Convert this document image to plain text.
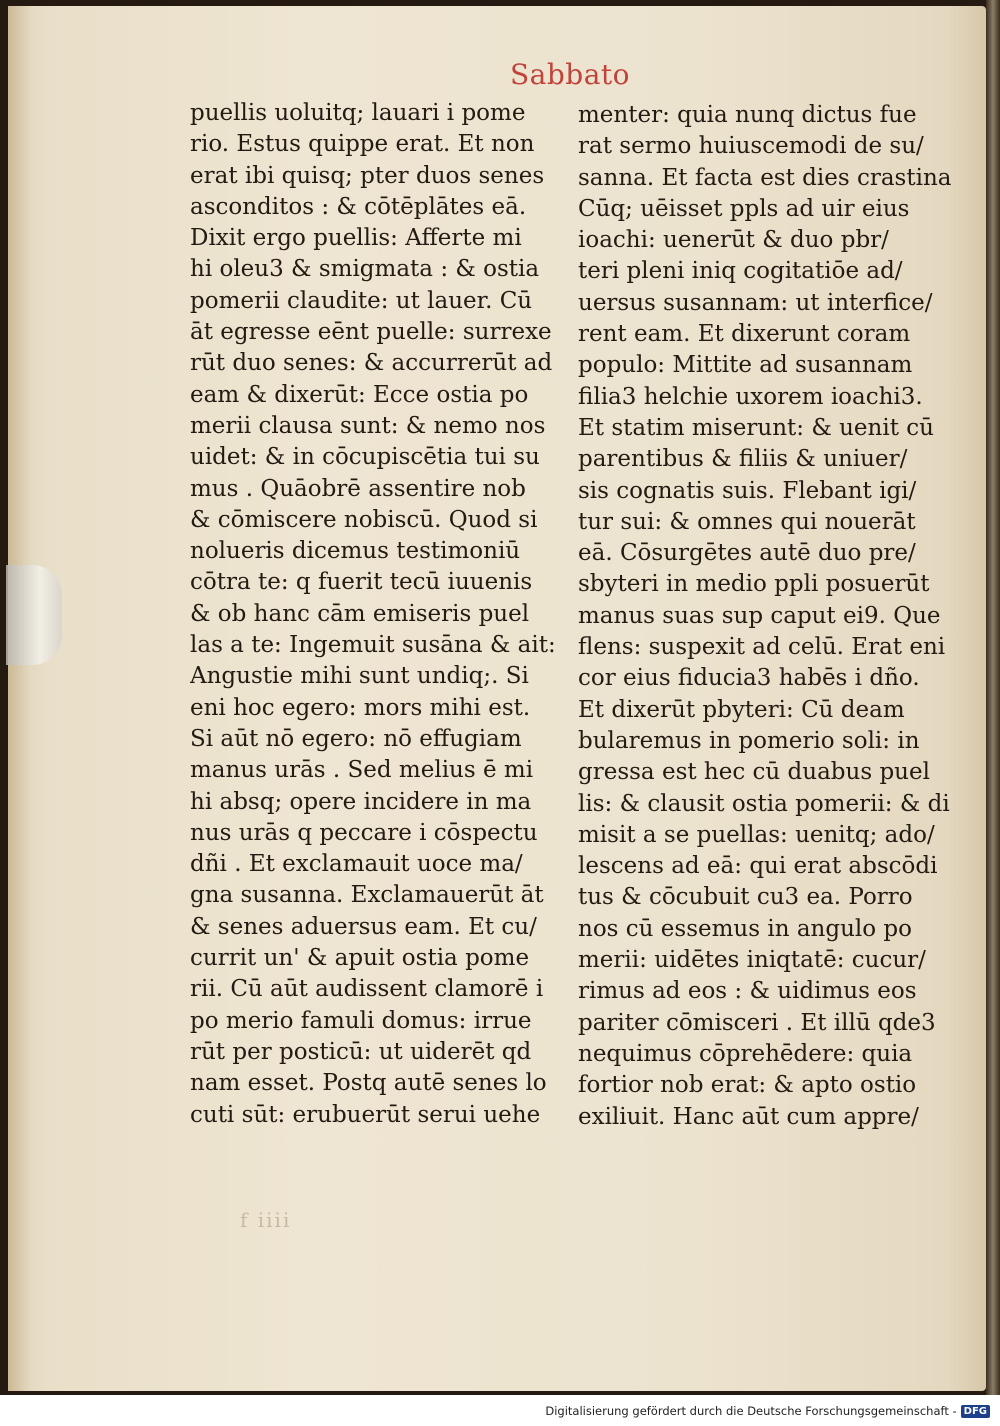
Sabbato
puellis uoluitq; lauari i pome
rio. Estus quippe erat. Et non
erat ibi quisq; pter duos senes
asconditos : & cōtēplātes eā.
Dixit ergo puellis: Afferte mi
hi oleu3 & smigmata : & ostia
pomerii claudite: ut lauer. Cū
āt egresse eēnt puelle: surrexe
rūt duo senes: & accurrerūt ad
eam & dixerūt: Ecce ostia po
merii clausa sunt: & nemo nos
uidet: & in cōcupiscētia tui su
mus . Quāobrē assentire nob
& cōmiscere nobiscū. Quod si
nolueris dicemus testimoniū
cōtra te: q fuerit tecū iuuenis
& ob hanc cām emiseris puel
las a te: Ingemuit susāna & ait:
Angustie mihi sunt undiq;. Si
eni hoc egero: mors mihi est.
Si aūt nō egero: nō effugiam
manus urās . Sed melius ē mi
hi absq; opere incidere in ma
nus urās q peccare i cōspectu
dñi . Et exclamauit uoce ma/
gna susanna. Exclamauerūt āt
& senes aduersus eam. Et cu/
currit un' & apuit ostia pome
rii. Cū aūt audissent clamorē i
po merio famuli domus: irrue
rūt per posticū: ut uiderēt qd
nam esset. Postq autē senes lo
cuti sūt: erubuerūt serui uehe
menter: quia nunq dictus fue
rat sermo huiuscemodi de su/
sanna. Et facta est dies crastina
Cūq; uēisset ppls ad uir eius
ioachi: uenerūt & duo pbr/
teri pleni iniq cogitatiōe ad/
uersus susannam: ut interfice/
rent eam. Et dixerunt coram
populo: Mittite ad susannam
filia3 helchie uxorem ioachi3.
Et statim miserunt: & uenit cū
parentibus & filiis & uniuer/
sis cognatis suis. Flebant igi/
tur sui: & omnes qui nouerāt
eā. Cōsurgētes autē duo pre/
sbyteri in medio ppli posuerūt
manus suas sup caput ei9. Que
flens: suspexit ad celū. Erat eni
cor eius fiducia3 habēs i dño.
Et dixerūt pbyteri: Cū deam
bularemus in pomerio soli: in
gressa est hec cū duabus puel
lis: & clausit ostia pomerii: & di
misit a se puellas: uenitq; ado/
lescens ad eā: qui erat abscōdi
tus & cōcubuit cu3 ea. Porro
nos cū essemus in angulo po
merii: uidētes iniqtatē: cucur/
rimus ad eos : & uidimus eos
pariter cōmisceri . Et illū qde3
nequimus cōprehēdere: quia
fortior nob erat: & apto ostio
exiliuit. Hanc aūt cum appre/
f iiii
Digitalisierung gefördert durch die Deutsche Forschungsgemeinschaft - DFG
